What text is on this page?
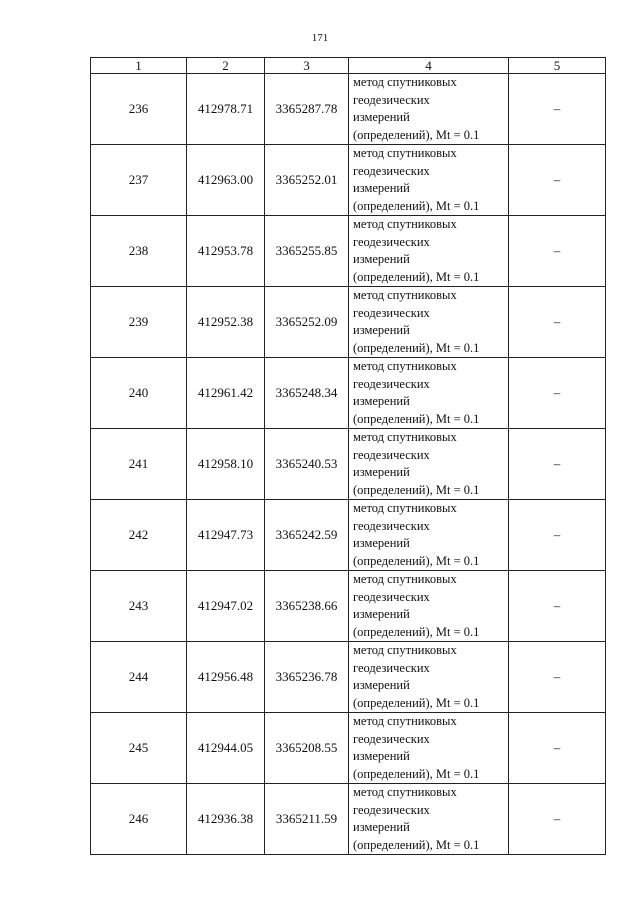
171
1	2	3	4	5
236	412978.71	3365287.78	метод спутниковых
геодезических
измерений
(определений), Mt = 0.1	–
237	412963.00	3365252.01	метод спутниковых
геодезических
измерений
(определений), Mt = 0.1	–
238	412953.78	3365255.85	метод спутниковых
геодезических
измерений
(определений), Mt = 0.1	–
239	412952.38	3365252.09	метод спутниковых
геодезических
измерений
(определений), Mt = 0.1	–
240	412961.42	3365248.34	метод спутниковых
геодезических
измерений
(определений), Mt = 0.1	–
241	412958.10	3365240.53	метод спутниковых
геодезических
измерений
(определений), Mt = 0.1	–
242	412947.73	3365242.59	метод спутниковых
геодезических
измерений
(определений), Mt = 0.1	–
243	412947.02	3365238.66	метод спутниковых
геодезических
измерений
(определений), Mt = 0.1	–
244	412956.48	3365236.78	метод спутниковых
геодезических
измерений
(определений), Mt = 0.1	–
245	412944.05	3365208.55	метод спутниковых
геодезических
измерений
(определений), Mt = 0.1	–
246	412936.38	3365211.59	метод спутниковых
геодезических
измерений
(определений), Mt = 0.1	–
